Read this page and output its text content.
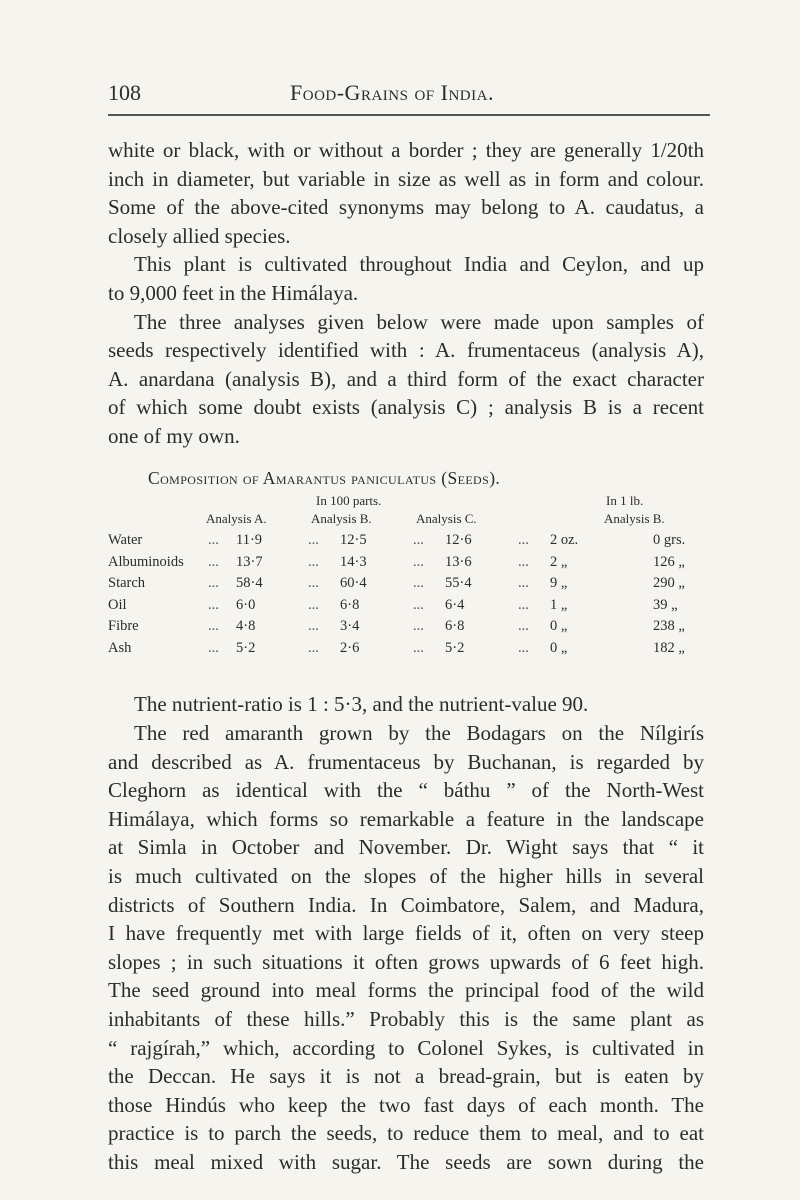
108	Food-Grains of India.

white or black, with or without a border ; they are generally 1/20th

inch in diameter, but variable in size as well as in form and colour.

Some of the above-cited synonyms may belong to A. caudatus, a

closely allied species.

This plant is cultivated throughout India and Ceylon, and up

to 9,000 feet in the Himálaya.

The three analyses given below were made upon samples of

seeds respectively identified with : A. frumentaceus (analysis A),

A. anardana (analysis B), and a third form of the exact character

of which some doubt exists (analysis C) ; analysis B is a recent

one of my own.

Composition of Amarantus paniculatus (Seeds).
In 100 parts.	In 1 lb.
Analysis A.	Analysis B.	Analysis C.	Analysis B.
Water	... 11·9	... 12·5	... 12·6	... 2 oz.	0 grs.
Albuminoids ... 13·7	... 14·3	... 13·6	... 2 „	126 „
Starch	... 58·4	... 60·4	... 55·4	... 9 „	290 „
Oil	... 6·0	... 6·8	... 6·4	... 1 „	39 „
Fibre	... 4·8	... 3·4	... 6·8	... 0 „	238 „
Ash	... 5·2	... 2·6	... 5·2	... 0 „	182 „

The nutrient-ratio is 1 : 5·3, and the nutrient-value 90.

The red amaranth grown by the Bodagars on the Nílgirís

and described as A. frumentaceus by Buchanan, is regarded by

Cleghorn as identical with the “ báthu ” of the North-West

Himálaya, which forms so remarkable a feature in the landscape

at Simla in October and November. Dr. Wight says that “ it

is much cultivated on the slopes of the higher hills in several

districts of Southern India. In Coimbatore, Salem, and Madura,

I have frequently met with large fields of it, often on very steep

slopes ; in such situations it often grows upwards of 6 feet high.

The seed ground into meal forms the principal food of the wild

inhabitants of these hills.” Probably this is the same plant as

“ rajgírah,” which, according to Colonel Sykes, is cultivated in

the Deccan. He says it is not a bread-grain, but is eaten by

those Hindús who keep the two fast days of each month. The

practice is to parch the seeds, to reduce them to meal, and to eat

this meal mixed with sugar. The seeds are sown during the
